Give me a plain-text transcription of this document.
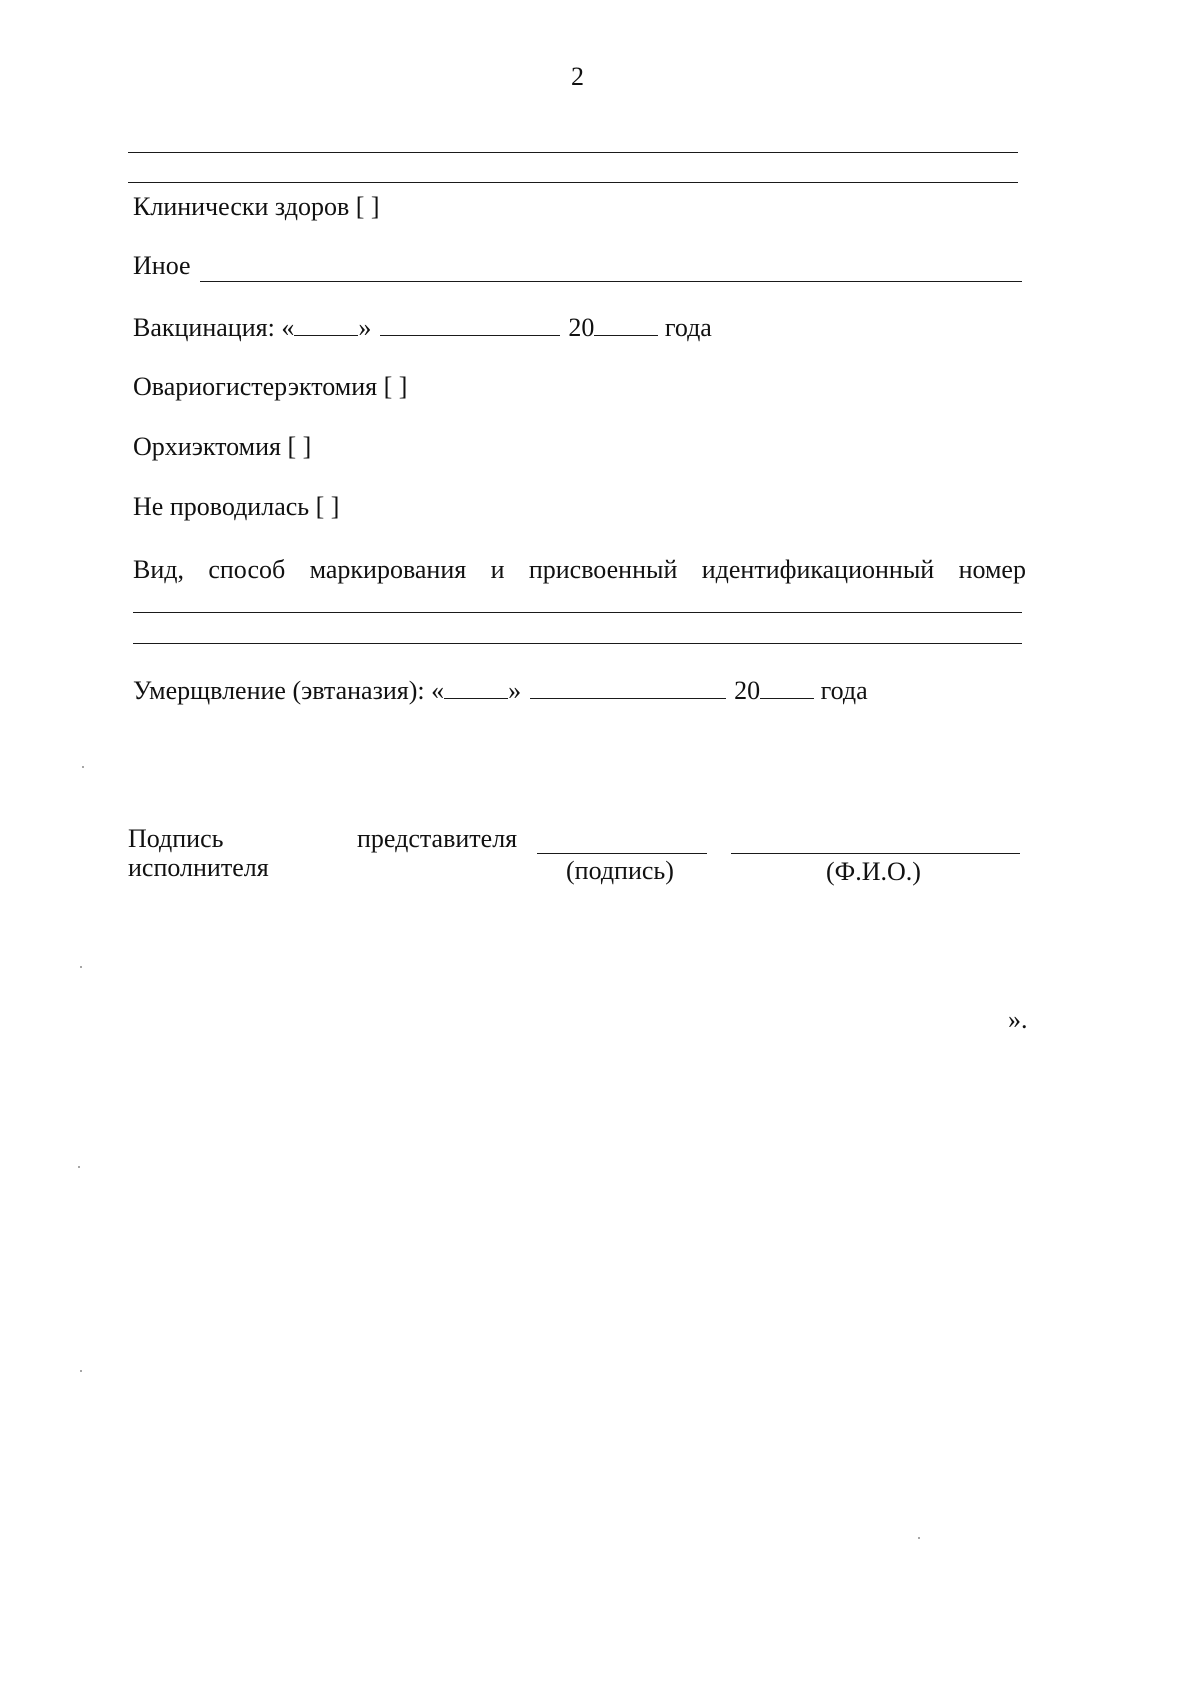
2
Клинически здоров [ ]
Иное
Вакцинация: « »	20	года
Овариогистерэктомия [ ]
Орхиэктомия [ ]
Не проводилась [ ]
Вид, способ маркирования и присвоенный идентификационный номер
Умерщвление (эвтаназия): « »	20 года
Подпись	представителя
исполнителя	(подпись)	(Ф.И.О.)
».
